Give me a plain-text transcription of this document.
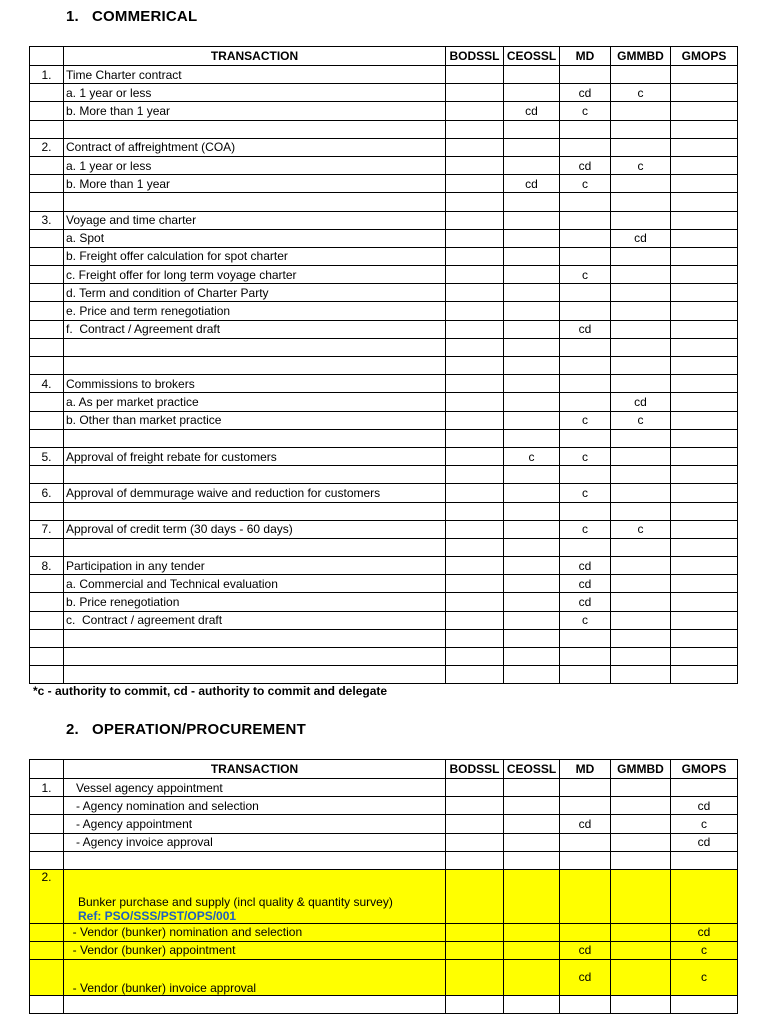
1. COMMERICAL
	TRANSACTION	BODSSL	CEOSSL	MD	GMMBD	GMOPS
1.	Time Charter contract					
	a. 1 year or less			cd	c	
	b. More than 1 year		cd	c		

2.	Contract of affreightment (COA)					
	a. 1 year or less			cd	c	
	b. More than 1 year		cd	c		

3.	Voyage and time charter					
	a. Spot				cd	
	b. Freight offer calculation for spot charter					
	c. Freight offer for long term voyage charter			c		
	d. Term and condition of Charter Party					
	e. Price and term renegotiation					
	f.  Contract / Agreement draft			cd		

4.	Commissions to brokers					
	a. As per market practice				cd	
	b. Other than market practice			c	c	

5.	Approval of freight rebate for customers		c	c		

6.	Approval of demmurage waive and reduction for customers			c		

7.	Approval of credit term (30 days - 60 days)			c	c	

8.	Participation in any tender			cd		
	a. Commercial and Technical evaluation			cd		
	b. Price renegotiation			cd		
	c.  Contract / agreement draft			c		

*c - authority to commit, cd - authority to commit and delegate
2. OPERATION/PROCUREMENT
	TRANSACTION	BODSSL	CEOSSL	MD	GMMBD	GMOPS
1.	Vessel agency appointment					
	- Agency nomination and selection					cd
	- Agency appointment			cd		c
	- Agency invoice approval					cd

2.	Bunker purchase and supply (incl quality & quantity survey)
Ref: PSO/SSS/PST/OPS/001					

	- Vendor (bunker) nomination and selection					cd
	- Vendor (bunker) appointment			cd		c
	- Vendor (bunker) invoice approval			cd		c
